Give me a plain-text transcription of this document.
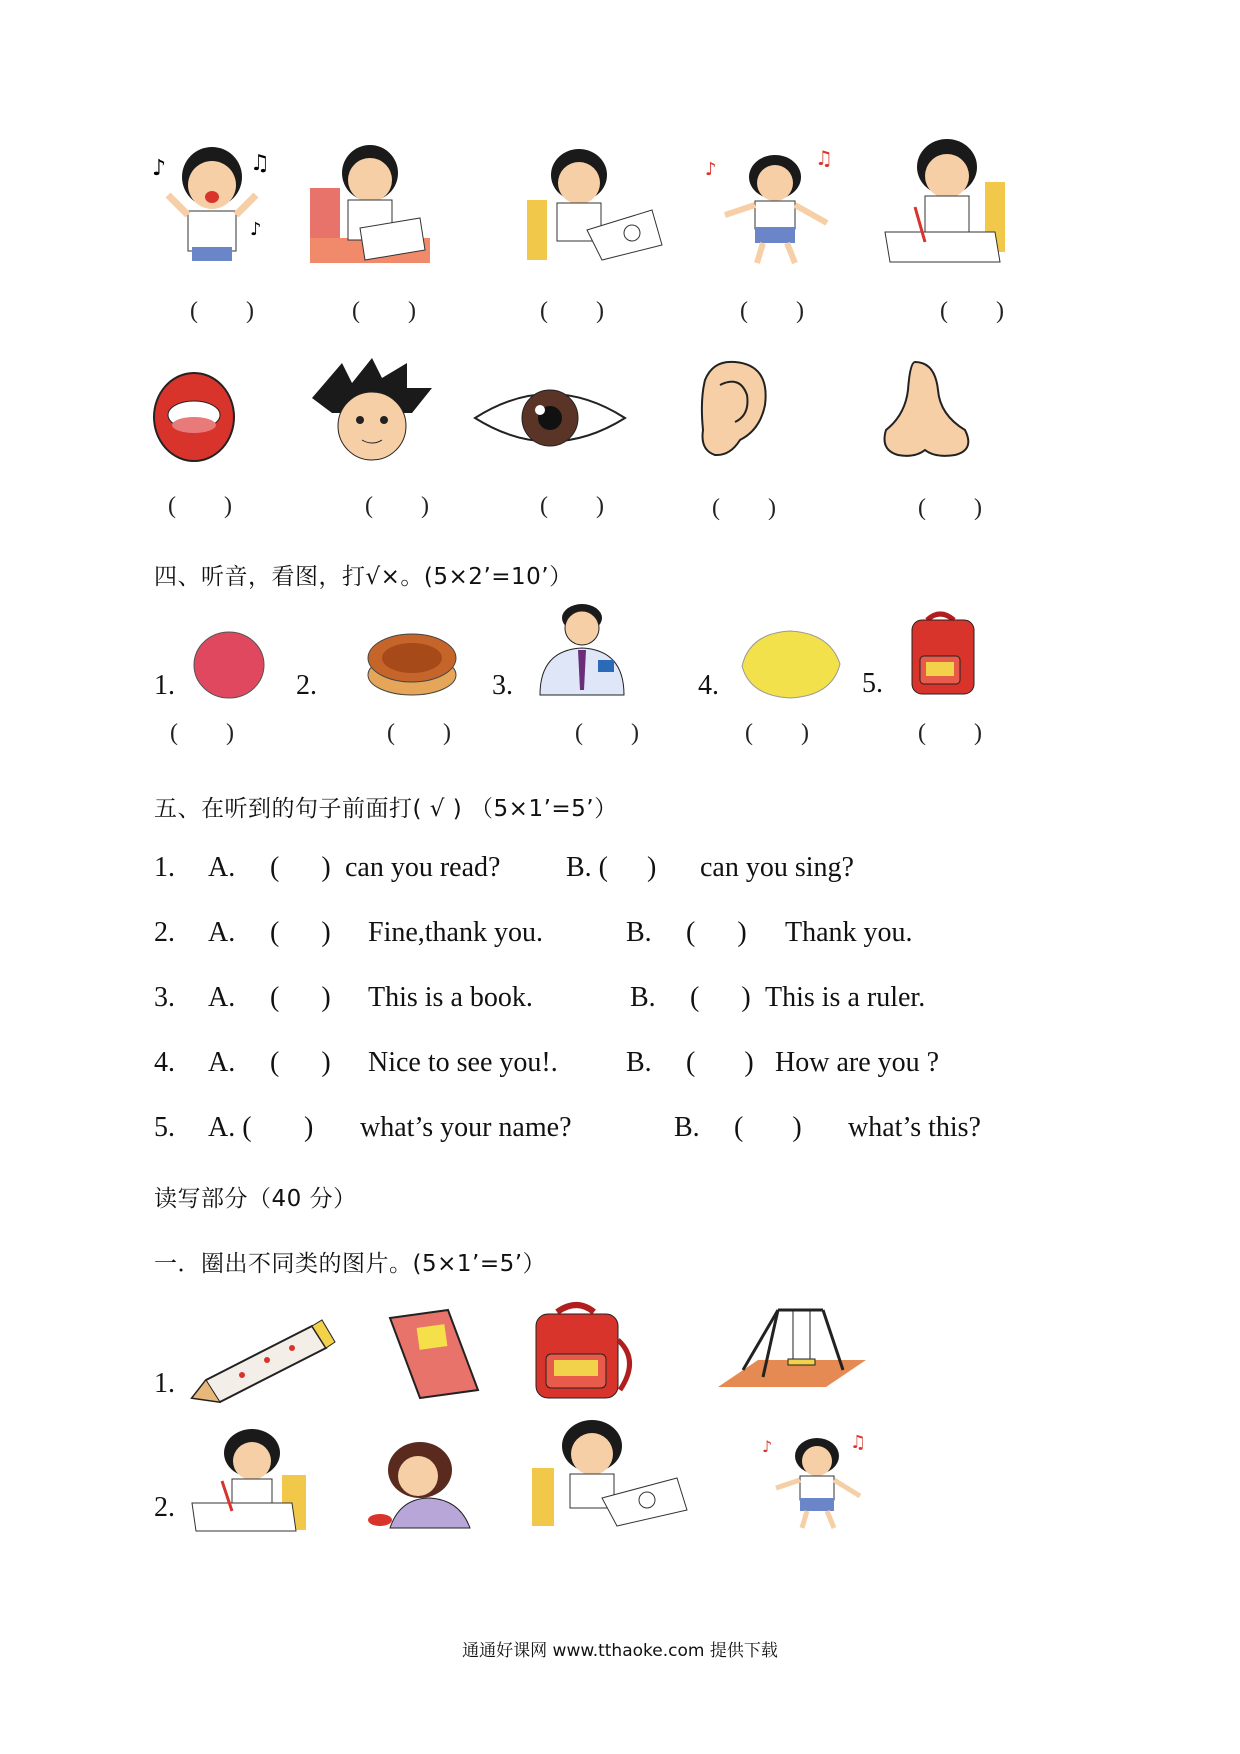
♪	♫
♪
♪	♫
(        )	(        )	(        )	(        )	(        )
(        )	(        )	(        )	(        )	(        )
四、听音，看图，打√×。(5×2’=10’）
1.	2.	3.	4.	5.
(        )	(        )	(        )	(        )	(        )
五、在听到的句子前面打( √ ) （5×1’=5’）
1. A. (      ) can you read? B. ( ) can you sing?
2. A. (      ) Fine,thank you.	B. (      ) Thank you.
3. A. (      ) This is a book.	B. (      ) This is a ruler.
4. A. (      ) Nice to see you!. B. (       ) How are you ?
5. A. ( ) what’s your name?	B. (       ) what’s this?
读写部分（40 分）
一．圈出不同类的图片。(5×1’=5’）
1.
2.
♪	♫
通通好课网 www.tthaoke.com 提供下载
